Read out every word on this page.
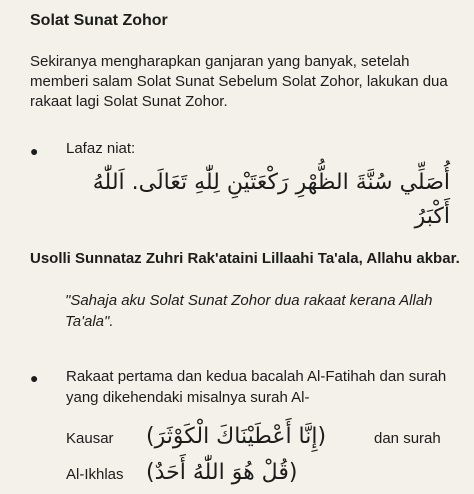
Solat Sunat Zohor
Sekiranya mengharapkan ganjaran yang banyak, setelah memberi salam Solat Sunat Sebelum Solat Zohor, lakukan dua rakaat lagi Solat Sunat Zohor.
● Lafaz niat:
أُصَلِّي سُنَّةَ الظُّهْرِ رَكْعَتَيْنِ لِلّٰهِ تَعَالَى. اَللّٰهُ
أَكْبَرُ
Usolli Sunnataz Zuhri Rak'ataini Lillaahi Ta'ala, Allahu akbar.
"Sahaja aku Solat Sunat Zohor dua rakaat kerana Allah Ta'ala".
● Rakaat pertama dan kedua bacalah Al-Fatihah dan surah yang dikehendaki misalnya surah Al-
Kausar (إِنَّا أَعْطَيْنَاكَ الْكَوْثَرَ)	dan surah
Al-Ikhlas (قُلْ هُوَ اللّٰهُ أَحَدٌ)
